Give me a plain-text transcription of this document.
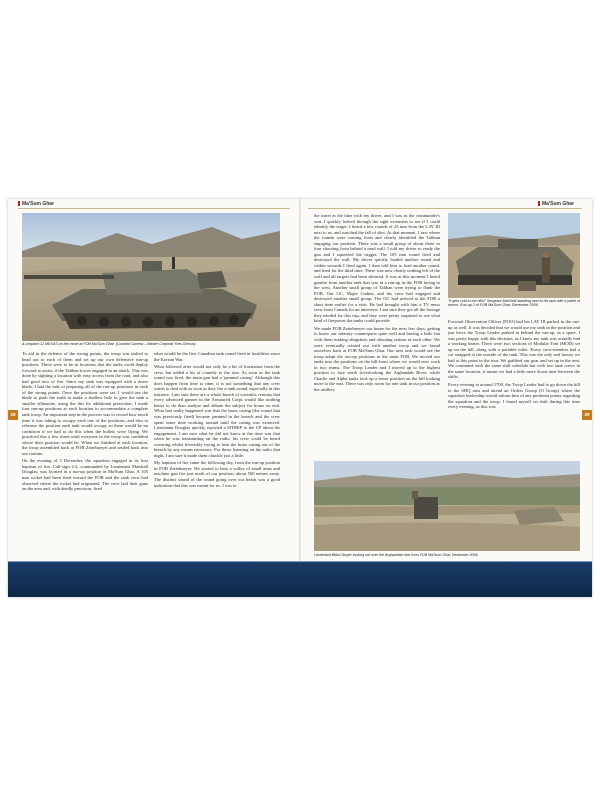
Ma'Sum Ghar
A Leopard C2 MEXAS on the move at FOB Ma'Sum Ghar. (Combat Camera – Master Corporal Yves Gemus)

To aid in the defence of the strong points, the troop was tasked to head out to each of them and set up our own defensive run-up positions. These were to be in locations that the tanks could deploy forward to assist, if the Taliban forces engaged in an attack. This was done by sighting a location with easy access from the road, and also had good arcs of fire. Since my tank was equipped with a dozer blade, I had the task of preparing all of the run-up positions in each of the strong points. Once the positions were set, I would use the blade to push the earth to make a shallow hole to give the tank a smaller silhouette, using the dirt for additional protection. I made four run-up positions at each location to accommodate a complete tank troop. An important step in the process was to record how much time it was taking to occupy each one of the positions, and also to rehearse the position each tank would occupy so there would be no confusion if we had to do this when the bullets were flying. We practiced this a few times until everyone in the troop was confident where their position would be. When we finished at each location, the troop assembled back at FOB Zettelmeyer and settled back into our routine.

On the evening of 3 December, the squadron engaged in its first baptism of fire. Call-sign 2-2, commanded by Lieutenant Marshall Douglas, was located in a run-up position in Ma'Sum Ghar. A 105 mm rocket had been fired toward the FOB and the tank crew had observed where the rocket had originated. The crew laid their guns on the area and, with deadly precision, fired

what would be the first Canadian tank round fired in hostilities since the Korean War.

What followed after would not only be a bit of frustration from the crew, but added a bit of comedy to the tour. As soon as the tank round was fired, the main gun had a 'jammed casing'. Although this does happen from time to time, it is not something that any crew wants to deal with as soon as they fire a tank round, especially in this instance. I am sure there are a whole bunch of scientific reasons that every advanced gunner in the Armoured Corps would like nothing better to do than analyse and debate the subject for hours on end. What had really happened was that the brass casing (the round that was previously fired) became jammed in the breach and the crew spent some time working around until the casing was extracted. Lieutenant Douglas quickly reported a SITREP to the CP about the engagement. I am sure what he did not know at the time was that when he was transmitting on the radio, his crew could be heard swearing whilst feverishly trying to beat the brass casing out of the breach by any means necessary. For those listening on the radio that night, I am sure it made them chuckle just a little.

My baptism of fire came the following day, from the run-up position in FOB Zettelmeyer. We started to hear a volley of small arms and machine gun fire just north of our position, about 500 metres away. The distinct sound of the round going over our heads was a good indication that this was meant for us. I was in

28
Ma'Sum Ghar

the turret at the time with my driver, and I was in the commander's seat. I quickly looked through the sight extension to see if I could identify the target. I heard a few rounds of 25 mm from the LAV III next to us, and watched the fall of shot. At that moment, I saw where the rounds were coming from and clearly identified the Taliban engaging our position. There was a small group of about three or four shooting from behind a mud wall. I told my driver to ready the gun and I squeezed the trigger. The 105 mm round fired and destroyed the wall. My driver quickly loaded another round and within seconds I fired again. I then told him to load another round, and fired for the third time. There was now clearly nothing left of the wall and all targets had been silenced. It was at this moment I heard gunfire from another tank that was in a run-up in the FOB facing to the west. Another small group of Taliban were trying to flank the FOB. Our OC, Major Cadieu, and his crew had engaged and destroyed another small group. The OC had arrived at the FOB a short time earlier for a visit. He had brought with him a TV news crew from Canada for an interview. I am sure they got all the footage they needed for this trip, and they were pretty surprised to see what kind of firepower the tanks could provide.

We made FOB Zettelmeyer our home for the next few days, getting to know our infantry counterparts quite well and having a little fun with them making slingshots and shooting rations at each other. We were eventually rotated out with another troop and we found ourselves back at FOB Ma'Sum Ghar. Our next task would see the troop adopt the run-up positions in the main FOB. We moved our tanks into the positions on the hill-front where we would now work in two teams. The Troop Leader and I moved up to the highest position to face north (overlooking the Arghandab River, while Charlie and Alpha tanks took up a lower position on the hill looking more to the east. There was only room for one tank in our position as the artillery

"It gets cold in the hills!" Sergeant MacNeill standing next to his tank with a pallet of ammo. Run-up 2 of FOB Ma'Sum Ghar, December 2006.

Forward Observation Officer (FOO) had his LAV III parked in the run-up as well. It was decided that we would use my tank in the position and just leave the Troop Leader parked in behind the run-up, as a spare. I was pretty happy with this decision, as I knew my tank was actually had a working heater. There were two sections of Modular Tent (MOD) set up on the hill, along with a portable toilet. Every crew-member had a cot strapped to the outside of the tank. This was the only real luxury we had at this point in the tour. We grabbed our gear and set up in the tent. We continued with the same shift schedule but with two tank crews in the same location, it meant we had a little more down time between the shifts.

Every evening at around 1700, the Troop Leader had to go down the hill to the SHQ area and attend an Orders Group (O Group) where the squadron leadership would inform him of any pertinent points regarding the squadron and the troop. I found myself on shift during this time every evening, as this was

Lieutenant Billon Dwyer looking out over the Arghandab river from FOB Ma'Sum Ghar, December 2006.
29
